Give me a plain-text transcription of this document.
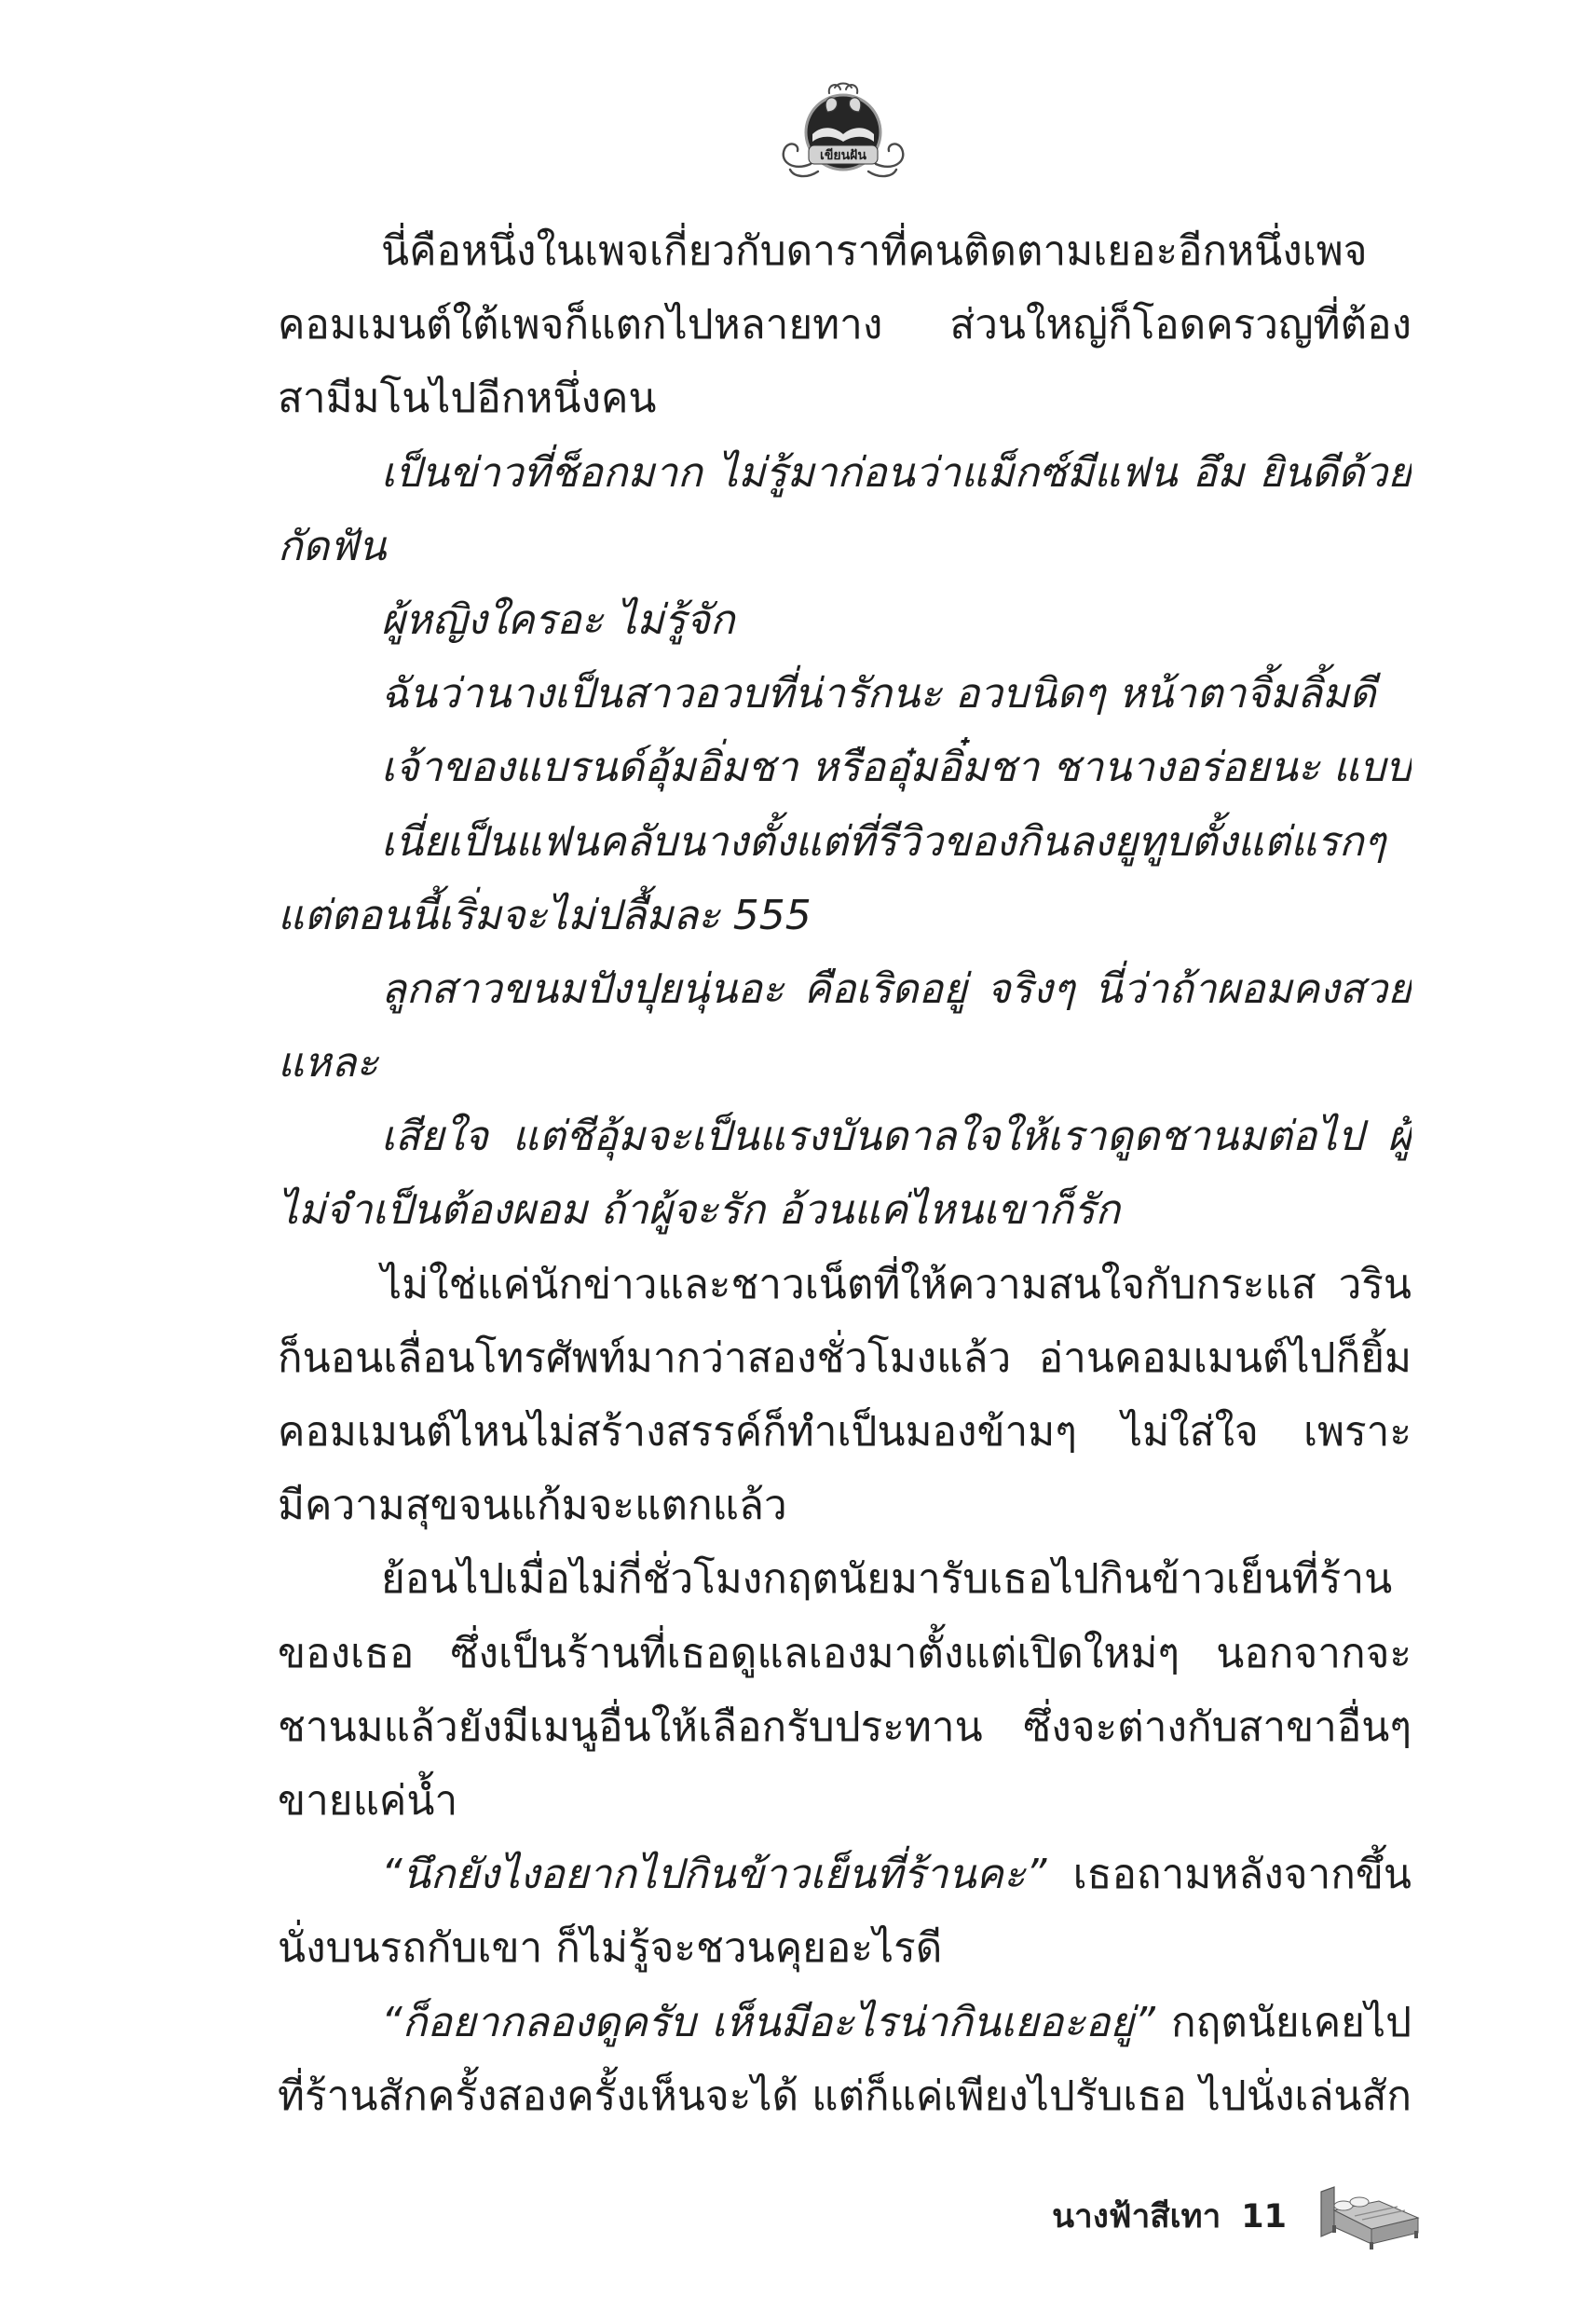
เขียนฝัน
นี่คือหนึ่งในเพจเกี่ยวกับดาราที่คนติดตามเยอะอีกหนึ่งเพจ
คอมเมนต์ใต้เพจก็แตกไปหลายทาง ส่วนใหญ่ก็โอดครวญที่ต้อง
สามีมโนไปอีกหนึ่งคน
เป็นข่าวที่ช็อกมาก ไม่รู้มาก่อนว่าแม็กซ์มีแฟน อึม ยินดีด้วย
กัดฟัน
ผู้หญิงใครอะ ไม่รู้จัก
ฉันว่านางเป็นสาวอวบที่น่ารักนะ อวบนิดๆ หน้าตาจิ้มลิ้มดี
เจ้าของแบรนด์อุ้มอิ่มชา หรืออุ๋มอิ๋มชา ชานางอร่อยนะ แบบ
เนี่ยเป็นแฟนคลับนางตั้งแต่ที่รีวิวของกินลงยูทูบตั้งแต่แรกๆ
แต่ตอนนี้เริ่มจะไม่ปลื้มละ 555
ลูกสาวขนมปังปุยนุ่นอะ คือเริดอยู่ จริงๆ นี่ว่าถ้าผอมคงสวย
แหละ
เสียใจ แต่ชีอุ้มจะเป็นแรงบันดาลใจให้เราดูดชานมต่อไป ผู้
ไม่จำเป็นต้องผอม ถ้าผู้จะรัก อ้วนแค่ไหนเขาก็รัก
ไม่ใช่แค่นักข่าวและชาวเน็ตที่ให้ความสนใจกับกระแส วริน
ก็นอนเลื่อนโทรศัพท์มากว่าสองชั่วโมงแล้ว อ่านคอมเมนต์ไปก็ยิ้ม
คอมเมนต์ไหนไม่สร้างสรรค์ก็ทำเป็นมองข้ามๆ ไม่ใส่ใจ เพราะ
มีความสุขจนแก้มจะแตกแล้ว
ย้อนไปเมื่อไม่กี่ชั่วโมงกฤตนัยมารับเธอไปกินข้าวเย็นที่ร้าน
ของเธอ ซึ่งเป็นร้านที่เธอดูแลเองมาตั้งแต่เปิดใหม่ๆ นอกจากจะ
ชานมแล้วยังมีเมนูอื่นให้เลือกรับประทาน ซึ่งจะต่างกับสาขาอื่นๆ
ขายแค่น้ำ
“นึกยังไงอยากไปกินข้าวเย็นที่ร้านคะ” เธอถามหลังจากขึ้น
นั่งบนรถกับเขา ก็ไม่รู้จะชวนคุยอะไรดี
“ก็อยากลองดูครับ เห็นมีอะไรน่ากินเยอะอยู่” กฤตนัยเคยไป
ที่ร้านสักครั้งสองครั้งเห็นจะได้ แต่ก็แค่เพียงไปรับเธอ ไปนั่งเล่นสัก
นางฟ้าสีเทา 11
